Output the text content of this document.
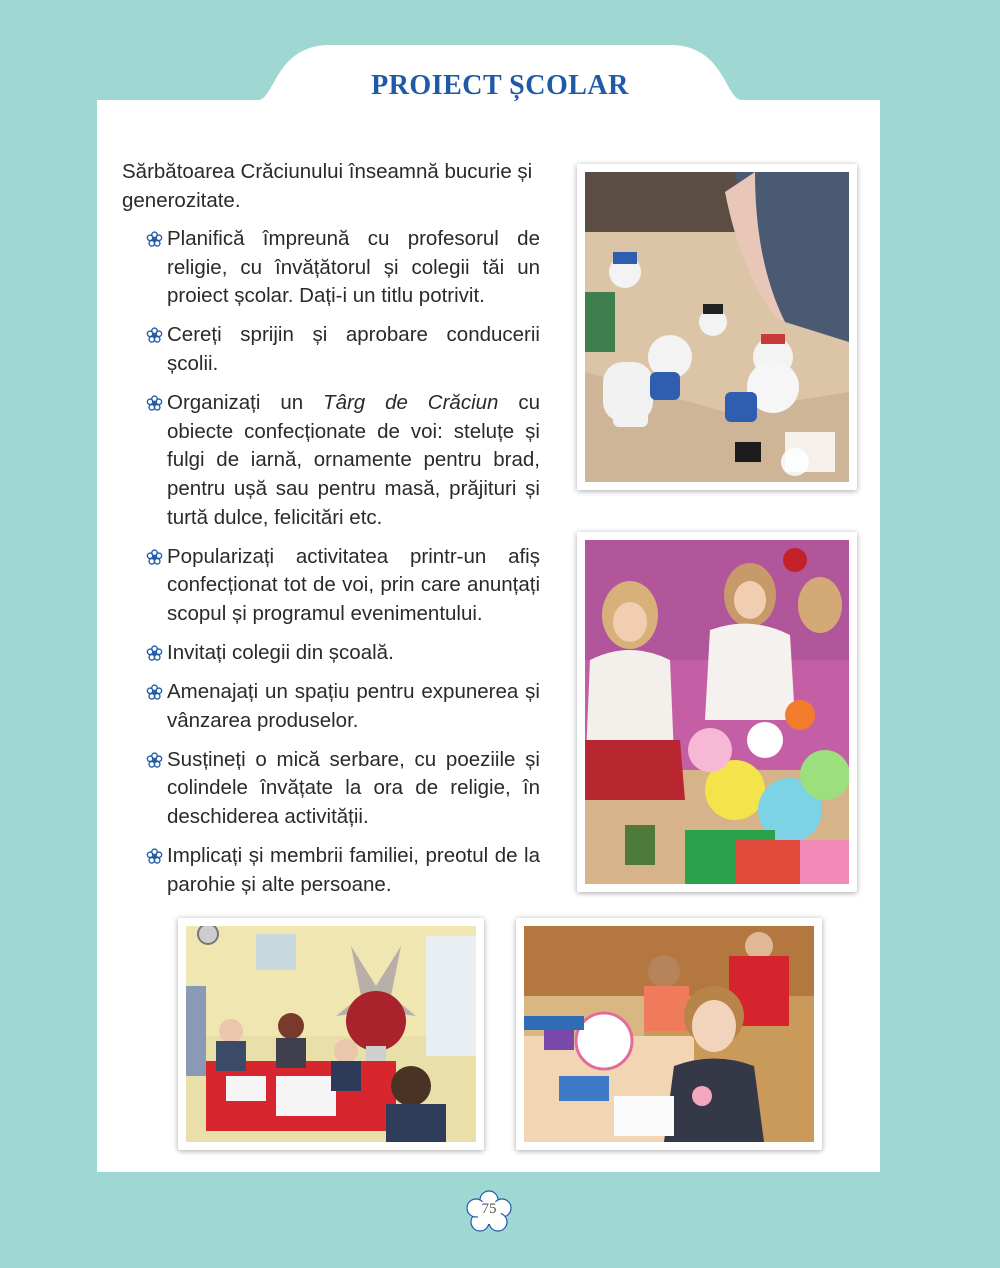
PROIECT ȘCOLAR

Sărbătoarea Crăciunului înseamnă bucurie și generozitate.

Planifică împreună cu profesorul de religie, cu învățătorul și colegii tăi un proiect școlar. Dați-i un titlu potrivit.
Cereți sprijin și aprobare conducerii școlii.
Organizați un Târg de Crăciun cu obiecte confecționate de voi: steluțe și fulgi de iarnă, ornamente pentru brad, pentru ușă sau pentru masă, prăjituri și turtă dulce, felicitări etc.
Popularizați activitatea printr-un afiș confecționat tot de voi, prin care anunțați scopul și programul evenimentului.
Invitați colegii din școală.
Amenajați un spațiu pentru expunerea și vânzarea produselor.
Susțineți o mică serbare, cu poeziile și colindele învățate la ora de religie, în deschiderea activității.
Implicați și membrii familiei, preotul de la parohie și alte persoane.
75
